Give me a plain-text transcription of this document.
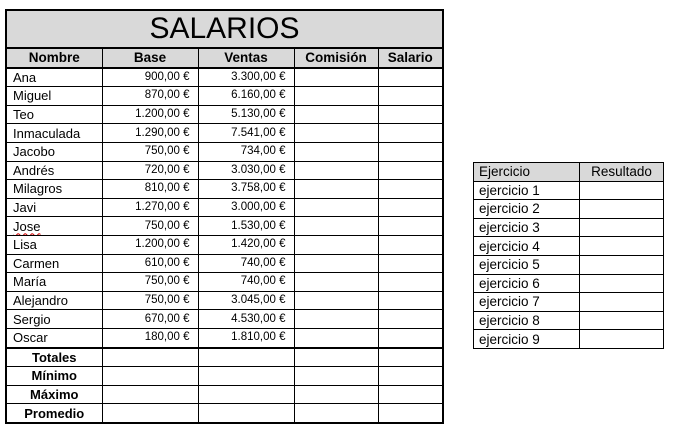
SALARIOS				
Nombre	Base	Ventas	Comisión	Salario
Ana	900,00 €	3.300,00 €		
Miguel	870,00 €	6.160,00 €		
Teo	1.200,00 €	5.130,00 €		
Inmaculada	1.290,00 €	7.541,00 €		
Jacobo	750,00 €	734,00 €		
Andrés	720,00 €	3.030,00 €		
Milagros	810,00 €	3.758,00 €		
Javi	1.270,00 €	3.000,00 €		
Jose	750,00 €	1.530,00 €		
Lisa	1.200,00 €	1.420,00 €		
Carmen	610,00 €	740,00 €		
María	750,00 €	740,00 €		
Alejandro	750,00 €	3.045,00 €		
Sergio	670,00 €	4.530,00 €		
Oscar	180,00 €	1.810,00 €		
Totales				
Mínimo				
Máximo				
Promedio				
Ejercicio	Resultado
ejercicio 1	
ejercicio 2	
ejercicio 3	
ejercicio 4	
ejercicio 5	
ejercicio 6	
ejercicio 7	
ejercicio 8	
ejercicio 9	
